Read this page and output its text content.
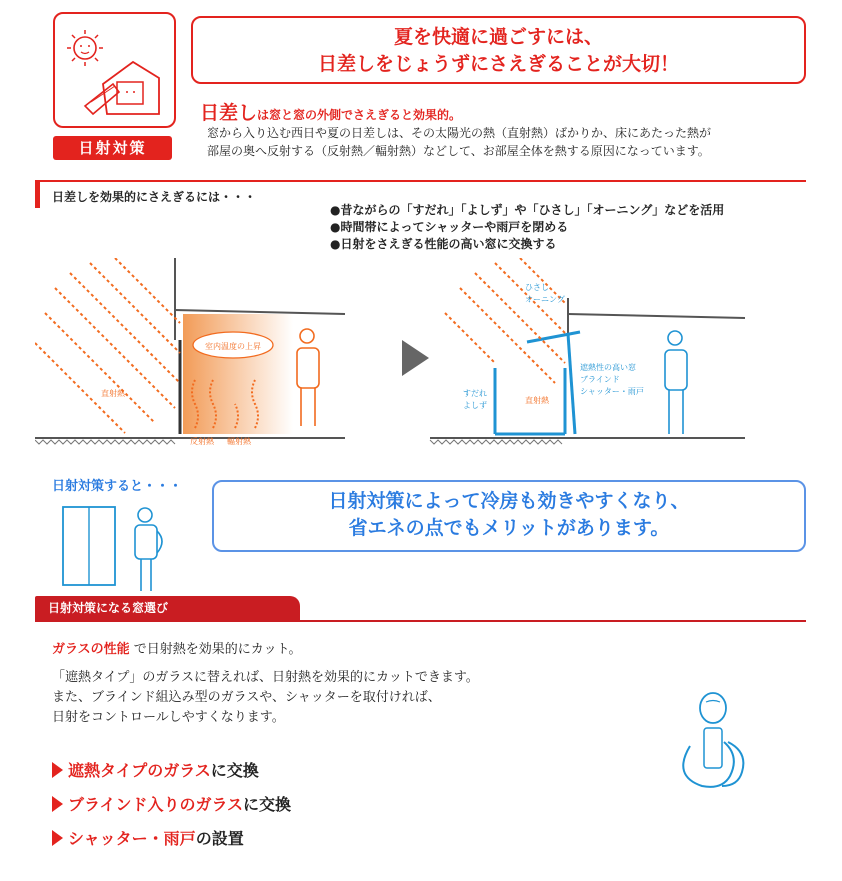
日射対策
夏を快適に過ごすには、
日差しをじょうずにさえぎることが大切！
日差しは窓と窓の外側でさえぎると効果的。
窓から入り込む西日や夏の日差しは、その太陽光の熱（直射熱）ばかりか、床にあたった熱が
部屋の奥へ反射する（反射熱／輻射熱）などして、お部屋全体を熱する原因になっています。
日差しを効果的にさえぎるには・・・
●昔ながらの「すだれ」「よしず」や「ひさし」「オーニング」などを活用
●時間帯によってシャッターや雨戸を閉める
●日射をさえぎる性能の高い窓に交換する
室内温度の上昇
直射熱
反射熱 輻射熱
ひさし
オーニング
すだれ
よしず
直射熱
遮熱性の高い窓
ブラインド
シャッター・雨戸
日射対策すると・・・
日射対策によって冷房も効きやすくなり、
省エネの点でもメリットがあります。
日射対策になる窓選び
ガラスの性能 で日射熱を効果的にカット。
「遮熱タイプ」のガラスに替えれば、日射熱を効果的にカットできます。
また、ブラインド組込み型のガラスや、シャッターを取付ければ、
日射をコントロールしやすくなります。
遮熱タイプのガラスに交換
ブラインド入りのガラスに交換
シャッター・雨戸の設置
